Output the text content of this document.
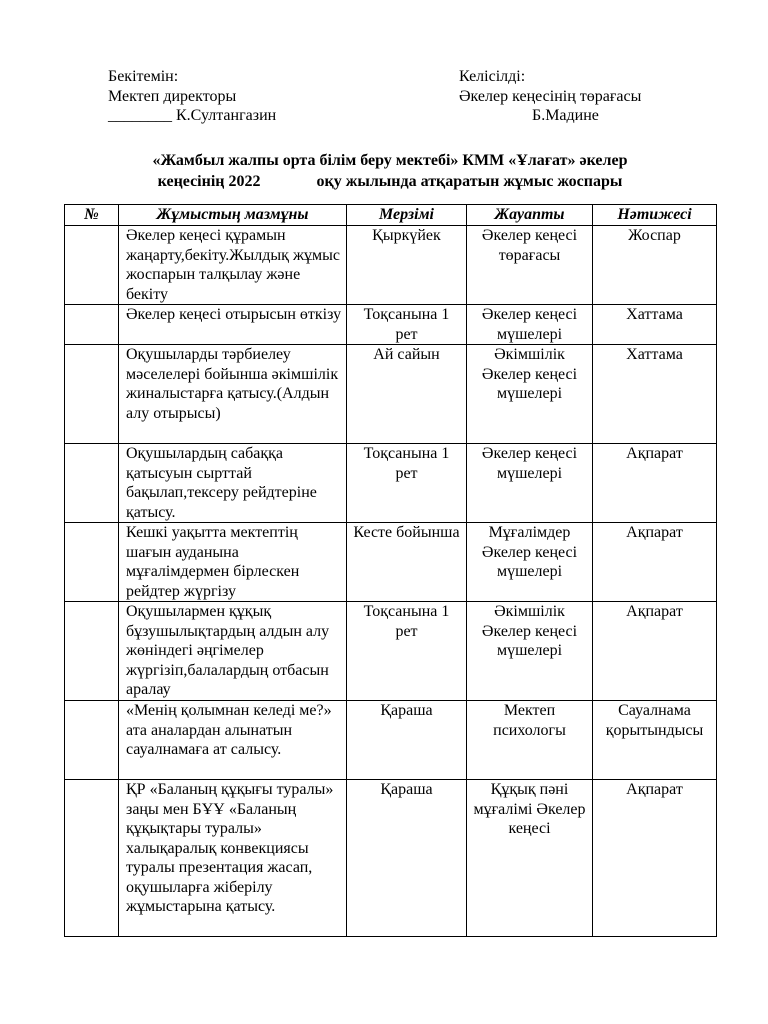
Бекітемін:
Мектеп директоры
________ К.Султангазин
Келісілді:
Әкелер кеңесінің төрағасы
Б.Мадине
«Жамбыл жалпы орта білім беру мектебі» КММ «Ұлағат» әкелер
кеңесінің 2022	оқу жылында атқаратын жұмыс жоспары
№	Жұмыстың мазмұны	Мерзімі	Жауапты	Нәтижесі
	Әкелер кеңесі құрамын жаңарту,бекіту.Жылдық жұмыс жоспарын талқылау және бекіту	Қыркүйек	Әкелер кеңесі төрағасы	Жоспар
	Әкелер кеңесі отырысын өткізу	Тоқсанына 1 рет	Әкелер кеңесі мүшелері	Хаттама
	Оқушыларды тәрбиелеу мәселелері бойынша әкімшілік жиналыстарға қатысу.(Алдын алу отырысы)	Ай сайын	Әкімшілік Әкелер кеңесі мүшелері	Хаттама
	Оқушылардың сабаққа қатысуын сырттай бақылап,тексеру рейдтеріне қатысу.	Тоқсанына 1 рет	Әкелер кеңесі мүшелері	Ақпарат
	Кешкі уақытта мектептің шағын ауданына мұғалімдермен бірлескен рейдтер жүргізу	Кесте бойынша	Мұғалімдер Әкелер кеңесі мүшелері	Ақпарат
	Оқушылармен құқық бұзушылықтардың алдын алу жөніндегі әңгімелер жүргізіп,балалардың отбасын аралау	Тоқсанына 1 рет	Әкімшілік Әкелер кеңесі мүшелері	Ақпарат
	«Менің қолымнан келеді ме?» ата аналардан алынатын сауалнамаға ат салысу.	Қараша	Мектеп психологы	Сауалнама қорытындысы
	ҚР «Баланың құқығы туралы» заңы мен БҰҰ «Баланың құқықтары туралы» халықаралық конвекциясы туралы презентация жасап, оқушыларға жіберілу жұмыстарына қатысу.	Қараша	Құқық пәні мұғалімі Әкелер кеңесі	Ақпарат
